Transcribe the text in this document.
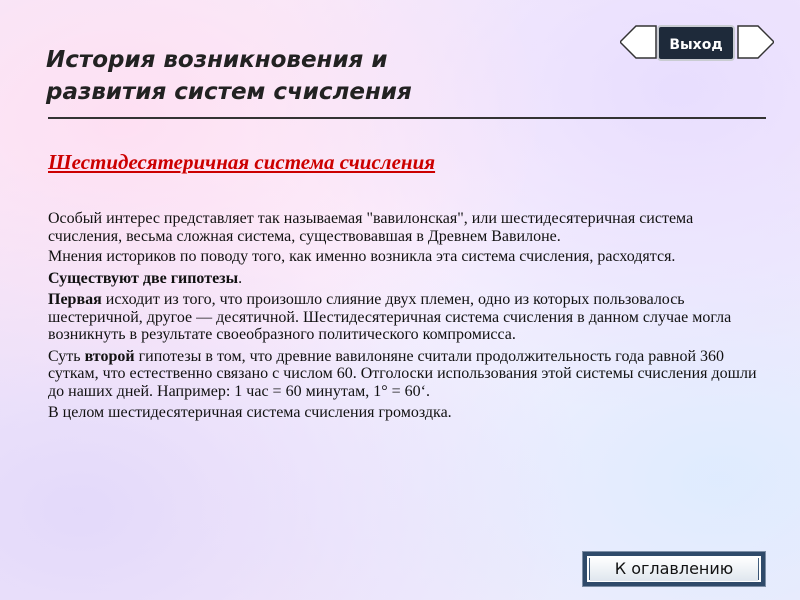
История возникновения и
развития систем счисления
Выход
Шестидесятеричная система счисления

Особый интерес представляет так называемая "вавилонская", или шестидесятеричная система счисления, весьма сложная система, существовавшая в Древнем Вавилоне.

Мнения историков по поводу того, как именно возникла эта система счисления, расходятся.

Существуют две гипотезы.

Первая исходит из того, что произошло слияние двух племен, одно из которых пользовалось шестеричной, другое — десятичной. Шестидесятеричная система счисления в данном случае могла возникнуть в результате своеобразного политического компромисса.

Суть второй гипотезы в том, что древние вавилоняне считали продолжительность года равной 360 суткам, что естественно связано с числом 60. Отголоски использования этой системы счисления дошли до наших дней. Например: 1 час = 60 минутам, 1° = 60‘.

В целом шестидесятеричная система счисления громоздка.

К оглавлению
